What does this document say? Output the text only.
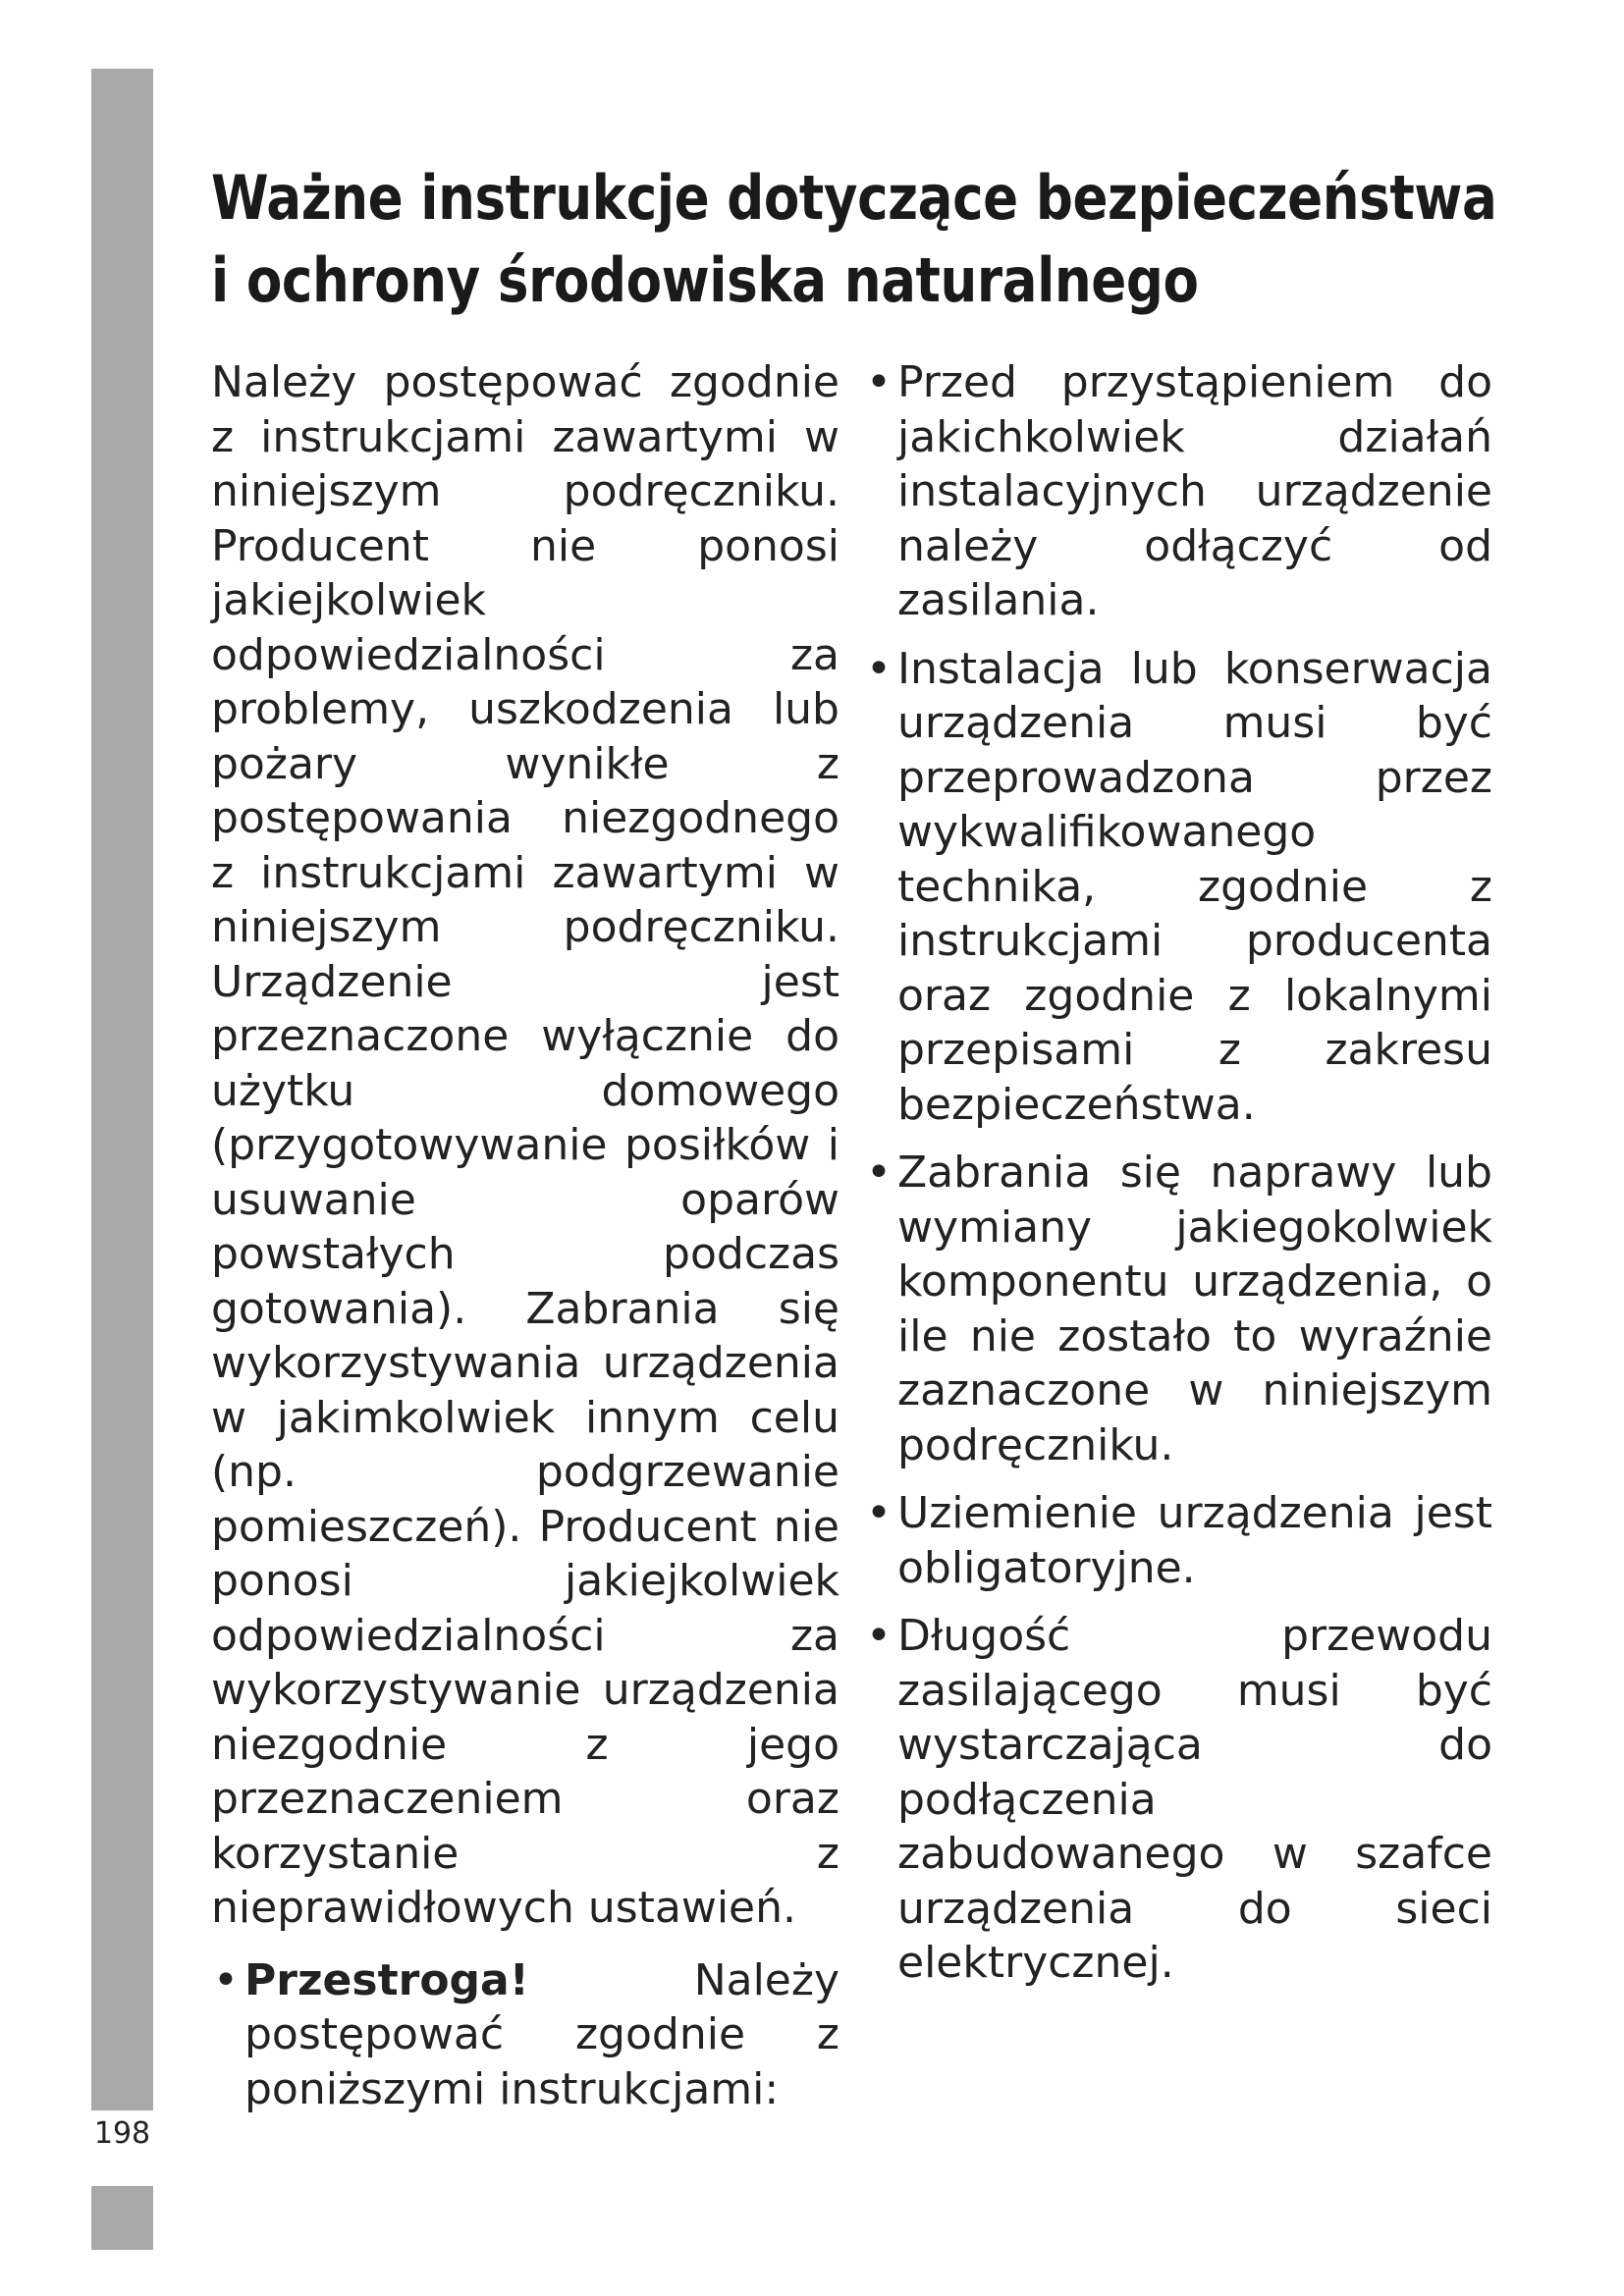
198
Ważne instrukcje dotyczące bezpieczeństwa
i ochrony środowiska naturalnego

Należy postępować zgodnie z instrukcjami zawartymi w niniejszym podręczniku. Producent nie ponosi jakiejkolwiek odpowiedzialności za problemy, uszkodzenia lub pożary wynikłe z postępowania niezgodnego z instrukcjami zawartymi w niniejszym podręczniku. Urządzenie jest przeznaczone wyłącznie do użytku domowego (przygotowywanie posiłków i usuwanie oparów powstałych podczas gotowania). Zabrania się wykorzystywania urządzenia w jakimkolwiek innym celu (np. podgrzewanie pomieszczeń). Producent nie ponosi jakiejkolwiek odpowiedzialności za wykorzystywanie urządzenia niezgodnie z jego przeznaczeniem oraz korzystanie z nieprawidłowych ustawień.

• Przestroga! Należy postępować zgodnie z poniższymi instrukcjami:
• Przed przystąpieniem do jakichkolwiek działań instalacyjnych urządzenie należy odłączyć od zasilania.
• Instalacja lub konserwacja urządzenia musi być przeprowadzona przez wykwalifikowanego technika, zgodnie z instrukcjami producenta oraz zgodnie z lokalnymi przepisami z zakresu bezpieczeństwa.
• Zabrania się naprawy lub wymiany jakiegokolwiek komponentu urządzenia, o ile nie zostało to wyraźnie zaznaczone w niniejszym podręczniku.
• Uziemienie urządzenia jest obligatoryjne.
• Długość przewodu zasilającego musi być wystarczająca do podłączenia zabudowanego w szafce urządzenia do sieci elektrycznej.
